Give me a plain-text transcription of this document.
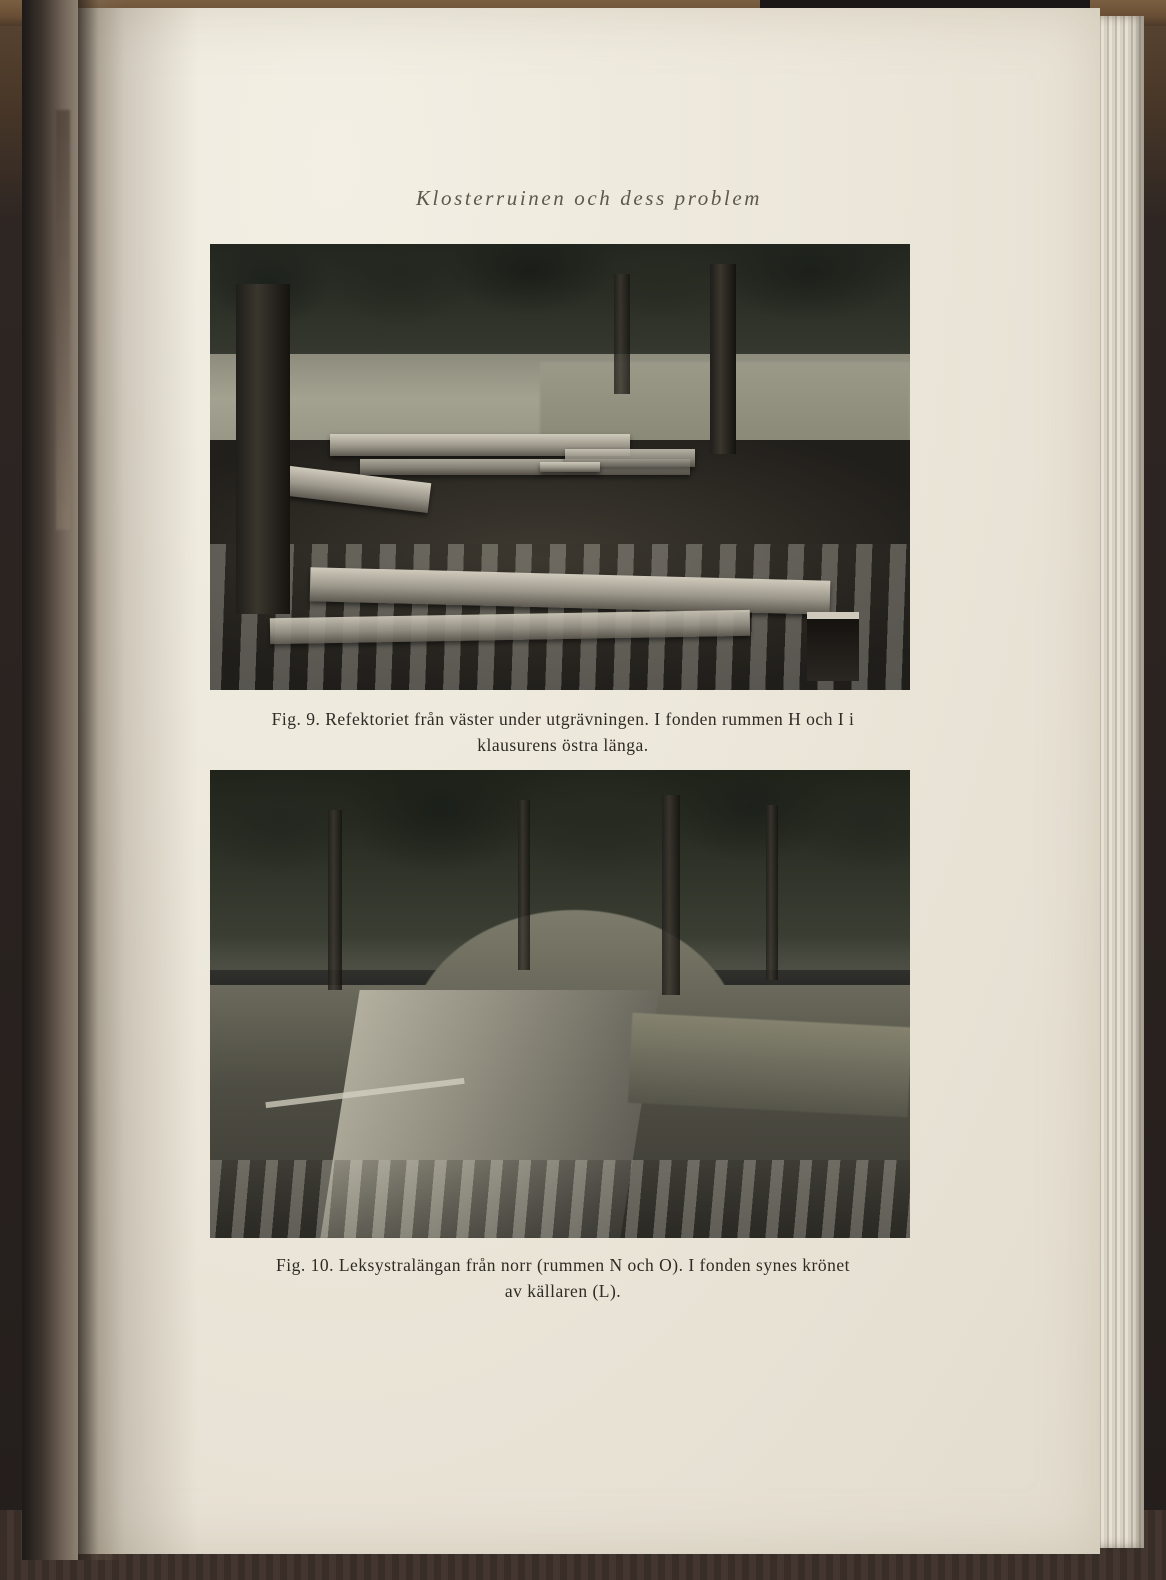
Klosterruinen och dess problem
Fig. 9. Refektoriet från väster under utgrävningen. I fonden rummen H och I i
klausurens östra länga.
Fig. 10. Leksystralängan från norr (rummen N och O). I fonden synes krönet
av källaren (L).
